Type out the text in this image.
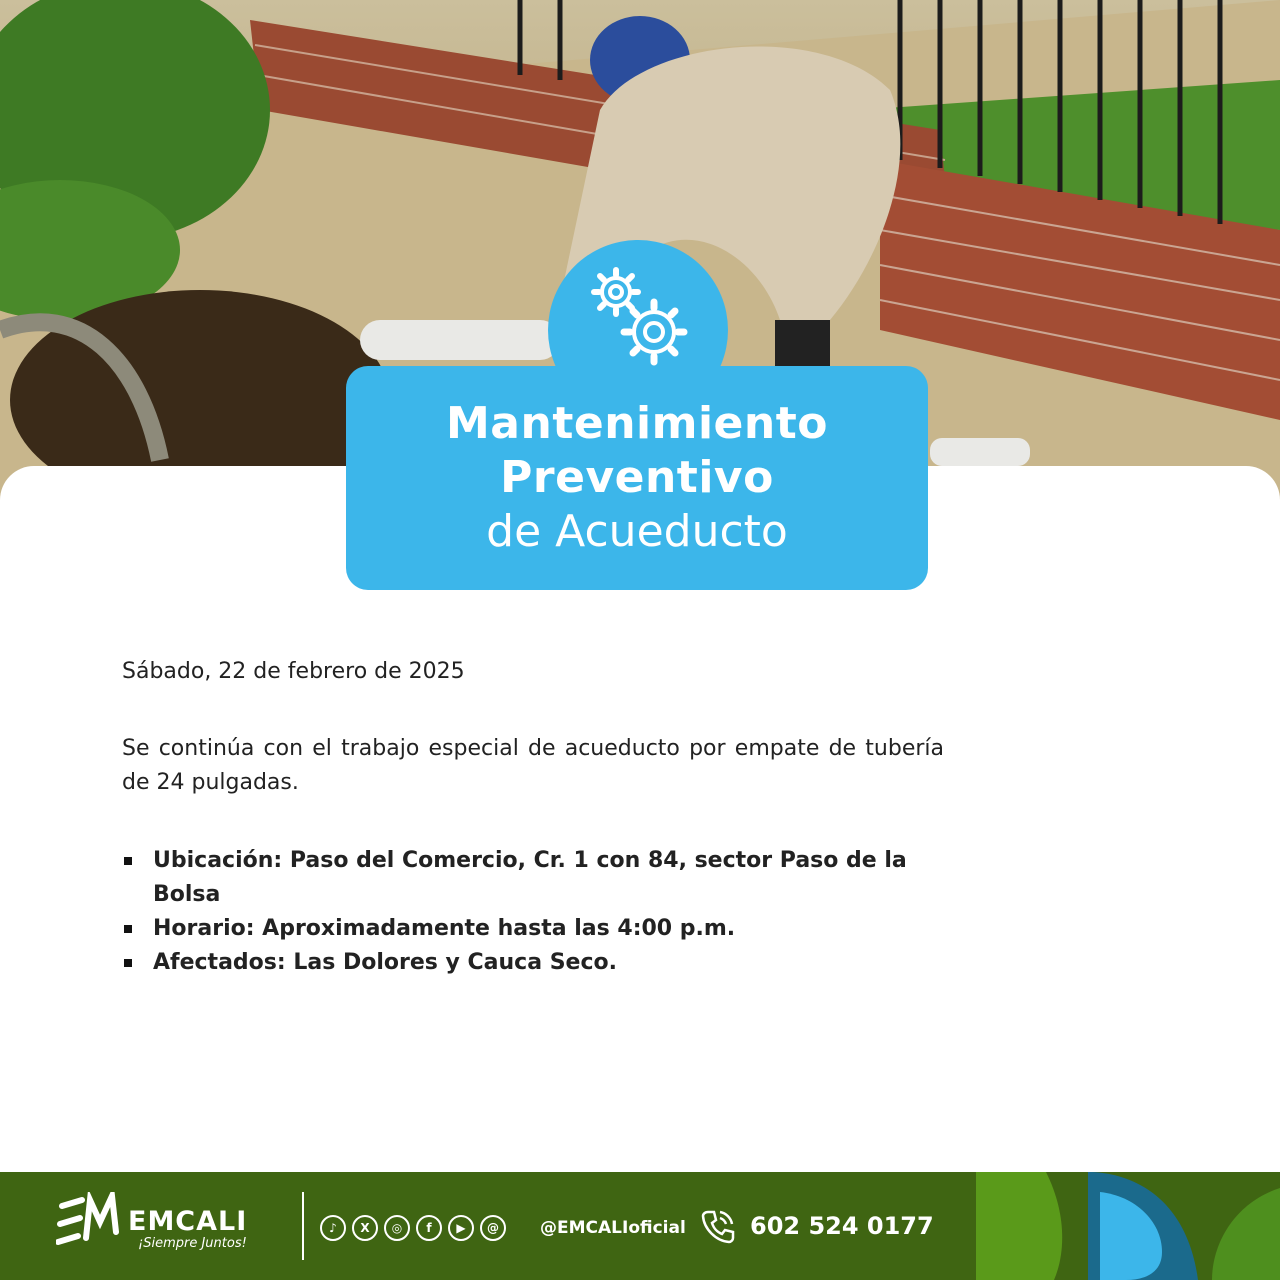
Mantenimiento
Preventivo
de Acueducto

Sábado, 22 de febrero de 2025

Se continúa con el trabajo especial de acueducto por empate de tubería de 24 pulgadas.

Ubicación: Paso del Comercio, Cr. 1 con 84, sector Paso de la Bolsa
Horario: Aproximadamente hasta las 4:00 p.m.
Afectados: Las Dolores y Cauca Seco.
EMCALI
¡Siempre Juntos!
♪	X	◎	f	▶	@	@EMCALIoficial	602 524 0177
